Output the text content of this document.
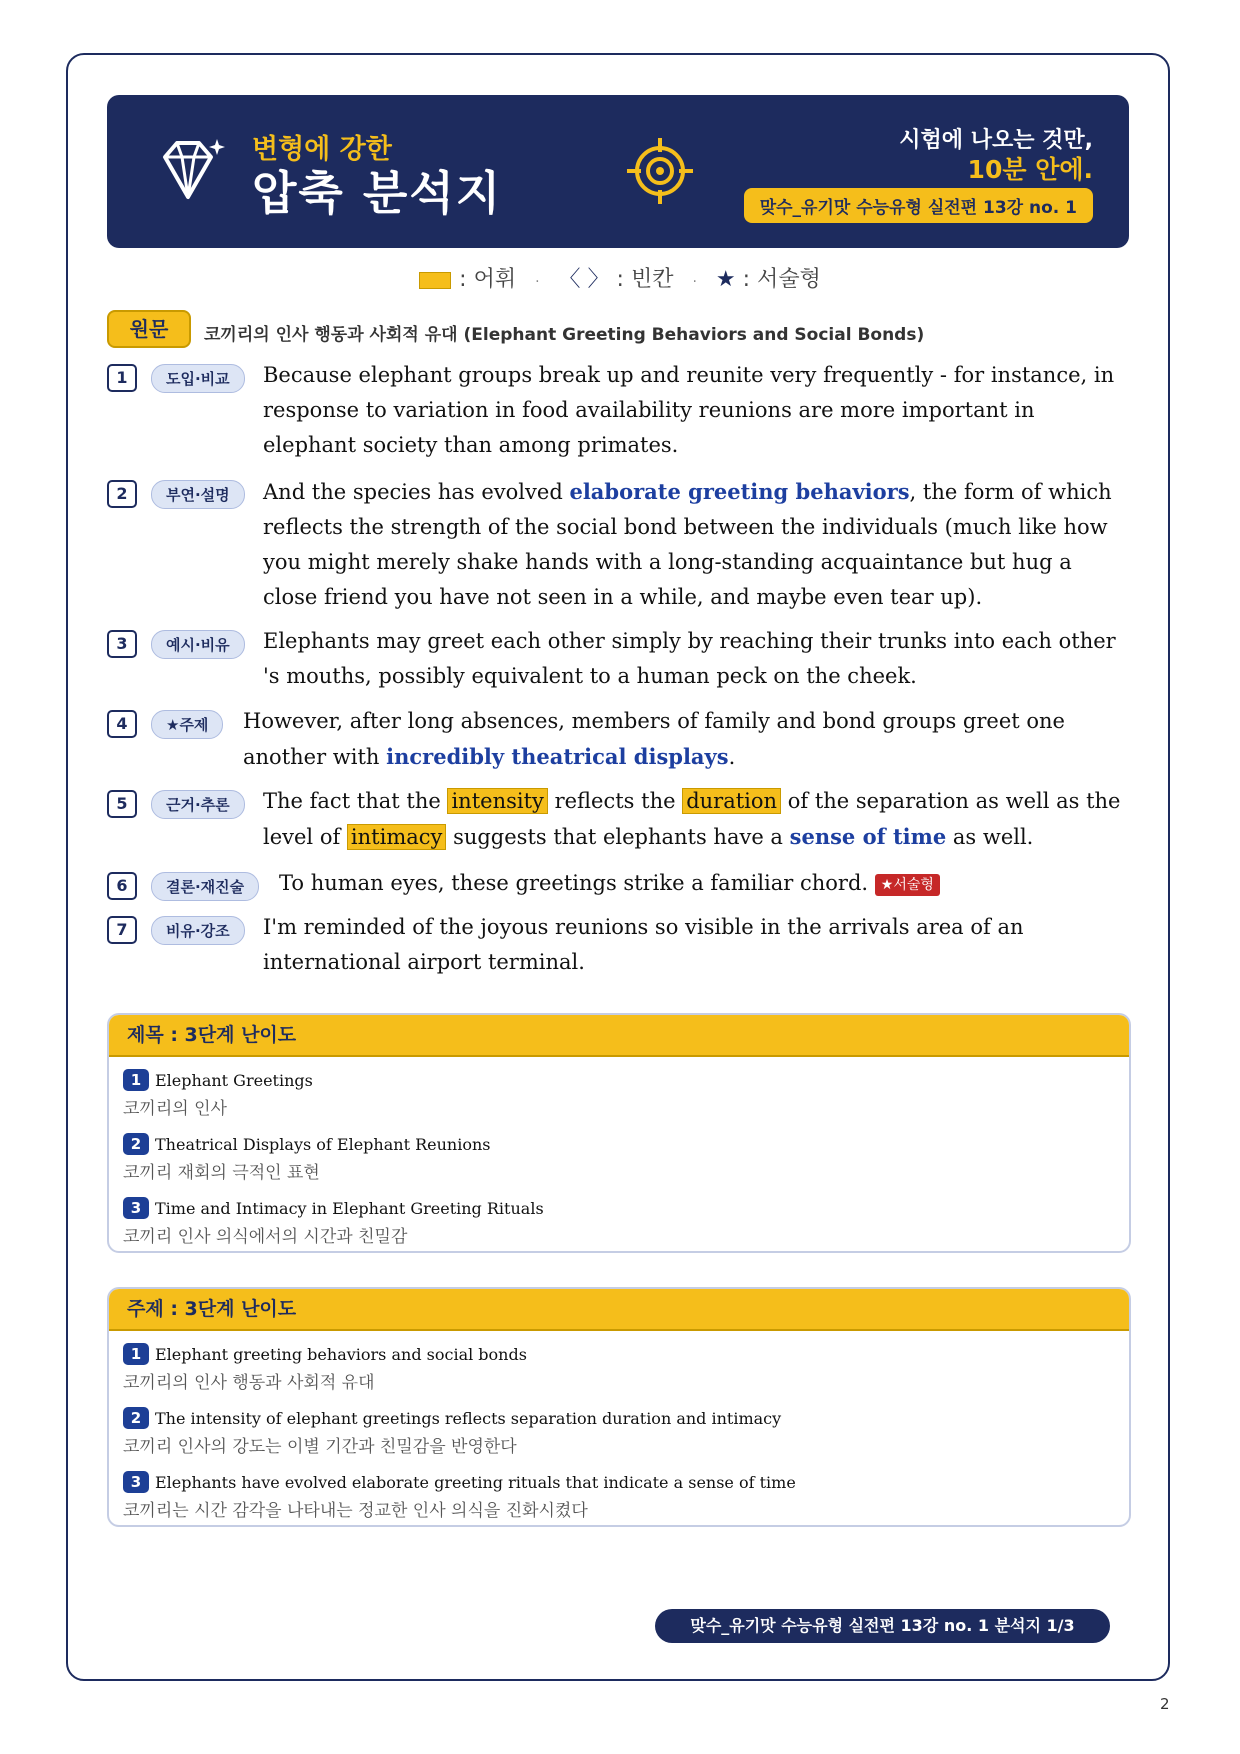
변형에 강한
압축 분석지
시험에 나오는 것만,
10분 안에.
맞수_유기맛 수능유형 실전편 13강 no. 1
: 어휘 · 〈 〉 : 빈칸 · ★ : 서술형
원문	코끼리의 인사 행동과 사회적 유대 (Elephant Greeting Behaviors and Social Bonds)
1	도입·비교	Because elephant groups break up and reunite very frequently - for instance, in response to variation in food availability reunions are more important in elephant society than among primates.
2	부연·설명	And the species has evolved elaborate greeting behaviors, the form of which reflects the strength of the social bond between the individuals (much like how you might merely shake hands with a long-standing acquaintance but hug a close friend you have not seen in a while, and maybe even tear up).
3	예시·비유	Elephants may greet each other simply by reaching their trunks into each other 's mouths, possibly equivalent to a human peck on the cheek.
4	★주제	However, after long absences, members of family and bond groups greet one another with incredibly theatrical displays.
5	근거·추론	The fact that the intensity reflects the duration of the separation as well as the level of intimacy suggests that elephants have a sense of time as well.
6	결론·재진술	To human eyes, these greetings strike a familiar chord. ★서술형
7	비유·강조	I'm reminded of the joyous reunions so visible in the arrivals area of an international airport terminal.
제목 : 3단계 난이도
1 Elephant Greetings
코끼리의 인사
2 Theatrical Displays of Elephant Reunions
코끼리 재회의 극적인 표현
3 Time and Intimacy in Elephant Greeting Rituals
코끼리 인사 의식에서의 시간과 친밀감
주제 : 3단계 난이도
1 Elephant greeting behaviors and social bonds
코끼리의 인사 행동과 사회적 유대
2 The intensity of elephant greetings reflects separation duration and intimacy
코끼리 인사의 강도는 이별 기간과 친밀감을 반영한다
3 Elephants have evolved elaborate greeting rituals that indicate a sense of time
코끼리는 시간 감각을 나타내는 정교한 인사 의식을 진화시켰다
맞수_유기맛 수능유형 실전편 13강 no. 1 분석지 1/3
2
